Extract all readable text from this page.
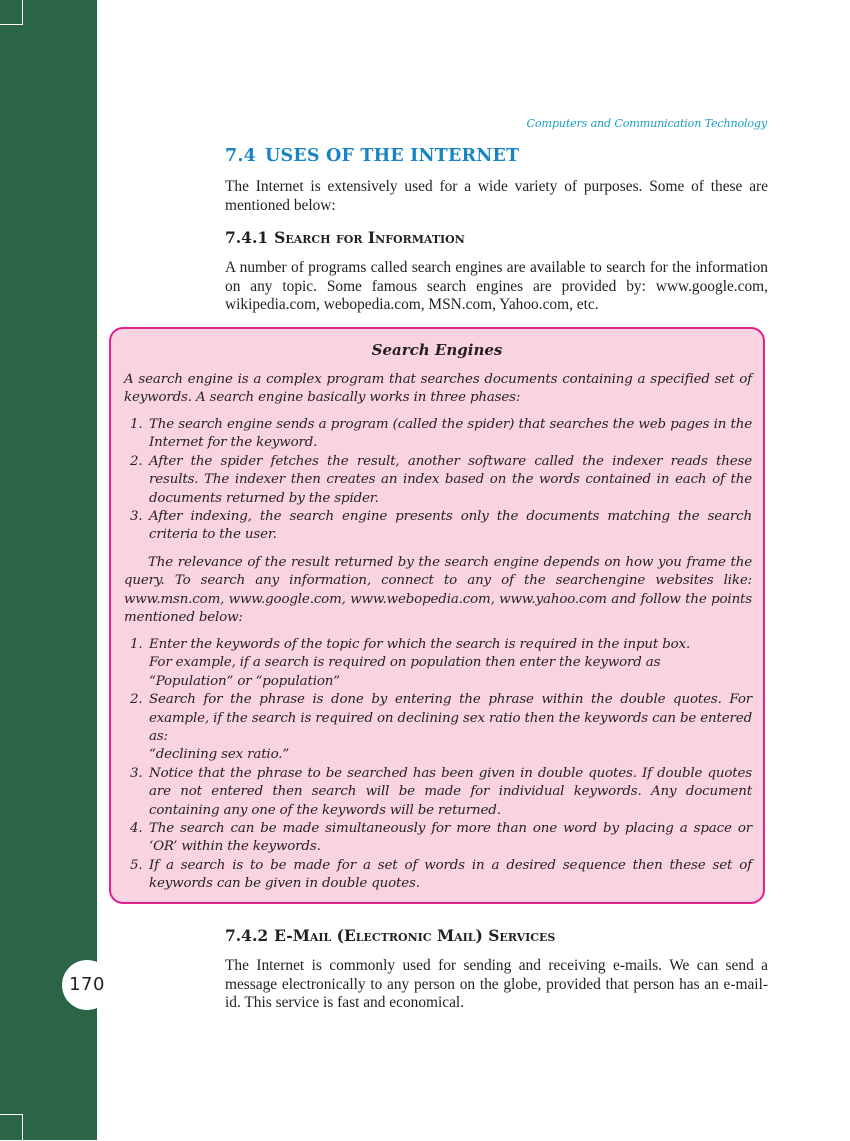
170
Computers and Communication Technology
7.4 USES OF THE INTERNET
The Internet is extensively used for a wide variety of purposes. Some of these are mentioned below:
7.4.1 Search for Information
A number of programs called search engines are available to search for the information on any topic. Some famous search engines are provided by: www.google.com, wikipedia.com, webopedia.com, MSN.com, Yahoo.com, etc.
Search Engines

A search engine is a complex program that searches documents containing a specified set of keywords. A search engine basically works in three phases:

1. The search engine sends a program (called the spider) that searches the web pages in the Internet for the keyword.
2. After the spider fetches the result, another software called the indexer reads these results. The indexer then creates an index based on the words contained in each of the documents returned by the spider.
3. After indexing, the search engine presents only the documents matching the search criteria to the user.

The relevance of the result returned by the search engine depends on how you frame the query. To search any information, connect to any of the searchengine websites like: www.msn.com, www.google.com, www.webopedia.com, www.yahoo.com and follow the points mentioned below:

1. Enter the keywords of the topic for which the search is required in the input box.
For example, if a search is required on population then enter the keyword as
“Population” or “population”
2. Search for the phrase is done by entering the phrase within the double quotes. For example, if the search is required on declining sex ratio then the keywords can be entered as:
“declining sex ratio.”
3. Notice that the phrase to be searched has been given in double quotes. If double quotes are not entered then search will be made for individual keywords. Any document containing any one of the keywords will be returned.
4. The search can be made simultaneously for more than one word by placing a space or ‘OR’ within the keywords.
5. If a search is to be made for a set of words in a desired sequence then these set of keywords can be given in double quotes.
7.4.2 E-Mail (Electronic Mail) Services
The Internet is commonly used for sending and receiving e-mails. We can send a message electronically to any person on the globe, provided that person has an e-mail-id. This service is fast and economical.
